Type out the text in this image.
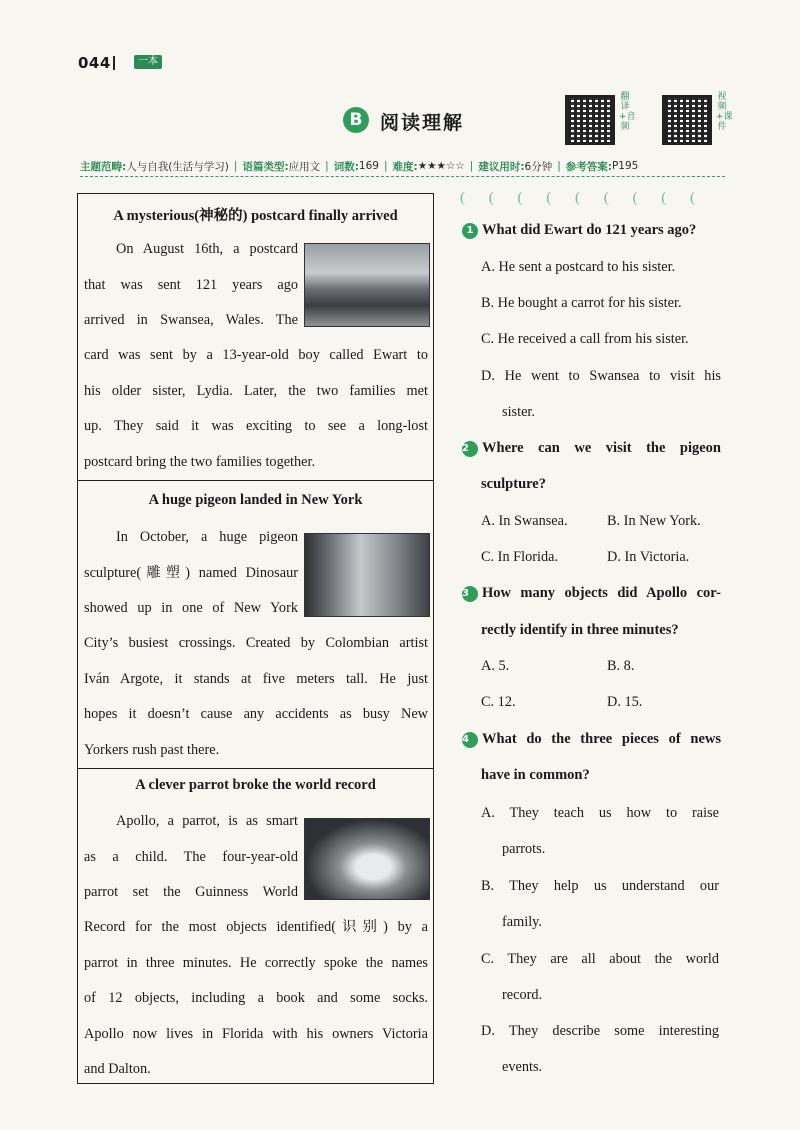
044	一本
B 阅读理解
翻译+音频
视频+课件
主题范畴: 人与自我(生活与学习) | 语篇类型: 应用文 | 词数: 169 | 难度: ★★★☆☆ | 建议用时: 6分钟 | 参考答案: P195
A mysterious(神秘的) postcard finally arrived

On August 16th, a postcard

that was sent 121 years ago

arrived in Swansea, Wales. The

card was sent by a 13-year-old boy called Ewart to

his older sister, Lydia. Later, the two families met

up. They said it was exciting to see a long-lost

postcard bring the two families together.

A huge pigeon landed in New York

In October, a huge pigeon

sculpture(雕塑) named Dinosaur

showed up in one of New York

City’s busiest crossings. Created by Colombian artist

Iván Argote, it stands at five meters tall. He just

hopes it doesn’t cause any accidents as busy New

Yorkers rush past there.

A clever parrot broke the world record

Apollo, a parrot, is as smart

as a child. The four-year-old

parrot set the Guinness World

Record for the most objects identified(识别) by a

parrot in three minutes. He correctly spoke the names

of 12 objects, including a book and some socks.

Apollo now lives in Florida with his owners Victoria

and Dalton.

( ( ( ( ( ( ( ( (
1 What did Ewart do 121 years ago?
A. He sent a postcard to his sister.
B. He bought a carrot for his sister.
C. He received a call from his sister.
D. He went to Swansea to visit his
sister.
2 Where can we visit the pigeon
sculpture?
A. In Swansea.	B. In New York.
C. In Florida.	D. In Victoria.
3 How many objects did Apollo cor-
rectly identify in three minutes?
A. 5.	B. 8.
C. 12.	D. 15.
4 What do the three pieces of news
have in common?
A. They teach us how to raise
parrots.
B. They help us understand our
family.
C. They are all about the world
record.
D. They describe some interesting
events.
